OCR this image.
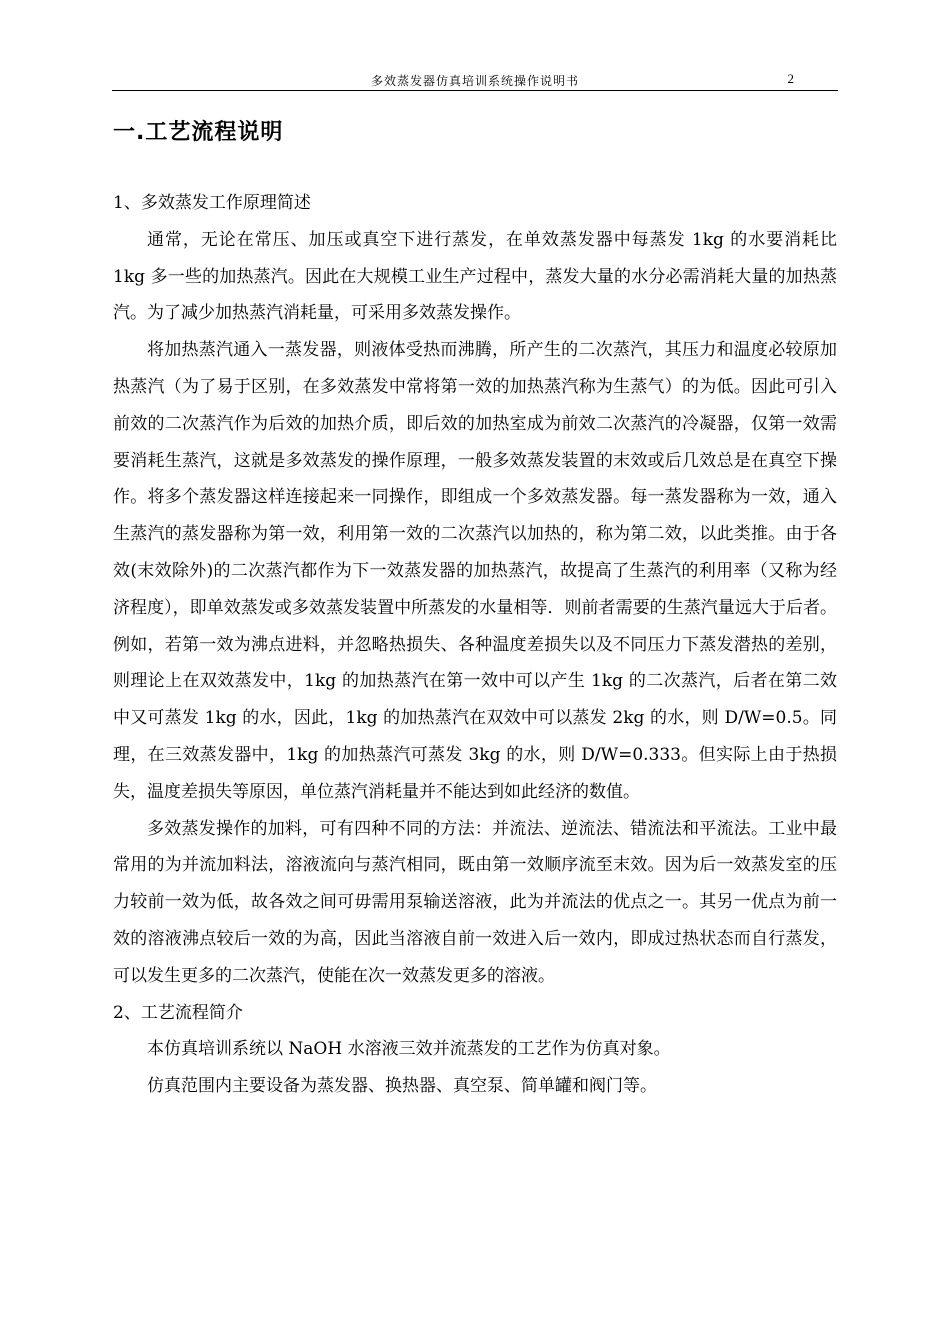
多效蒸发器仿真培训系统操作说明书	2
一.工艺流程说明

1、多效蒸发工作原理简述

通常，无论在常压、加压或真空下进行蒸发，在单效蒸发器中每蒸发 1kg 的水要消耗比 1kg 多一些的加热蒸汽。因此在大规模工业生产过程中，蒸发大量的水分必需消耗大量的加热蒸汽。为了减少加热蒸汽消耗量，可采用多效蒸发操作。

将加热蒸汽通入一蒸发器，则液体受热而沸腾，所产生的二次蒸汽，其压力和温度必较原加热蒸汽（为了易于区别，在多效蒸发中常将第一效的加热蒸汽称为生蒸气）的为低。因此可引入前效的二次蒸汽作为后效的加热介质，即后效的加热室成为前效二次蒸汽的冷凝器，仅第一效需要消耗生蒸汽，这就是多效蒸发的操作原理，一般多效蒸发装置的末效或后几效总是在真空下操作。将多个蒸发器这样连接起来一同操作，即组成一个多效蒸发器。每一蒸发器称为一效，通入生蒸汽的蒸发器称为第一效，利用第一效的二次蒸汽以加热的，称为第二效，以此类推。由于各效(末效除外)的二次蒸汽都作为下一效蒸发器的加热蒸汽，故提高了生蒸汽的利用率（又称为经济程度），即单效蒸发或多效蒸发装置中所蒸发的水量相等．则前者需要的生蒸汽量远大于后者。例如，若第一效为沸点进料，并忽略热损失、各种温度差损失以及不同压力下蒸发潜热的差别，则理论上在双效蒸发中，1kg 的加热蒸汽在第一效中可以产生 1kg 的二次蒸汽，后者在第二效中又可蒸发 1kg 的水，因此，1kg 的加热蒸汽在双效中可以蒸发 2kg 的水，则 D/W=0.5。同理，在三效蒸发器中，1kg 的加热蒸汽可蒸发 3kg 的水，则 D/W=0.333。但实际上由于热损失，温度差损失等原因，单位蒸汽消耗量并不能达到如此经济的数值。

多效蒸发操作的加料，可有四种不同的方法：并流法、逆流法、错流法和平流法。工业中最常用的为并流加料法，溶液流向与蒸汽相同，既由第一效顺序流至末效。因为后一效蒸发室的压力较前一效为低，故各效之间可毋需用泵输送溶液，此为并流法的优点之一。其另一优点为前一效的溶液沸点较后一效的为高，因此当溶液自前一效进入后一效内，即成过热状态而自行蒸发，可以发生更多的二次蒸汽，使能在次一效蒸发更多的溶液。

2、工艺流程简介

本仿真培训系统以 NaOH 水溶液三效并流蒸发的工艺作为仿真对象。

仿真范围内主要设备为蒸发器、换热器、真空泵、简单罐和阀门等。
